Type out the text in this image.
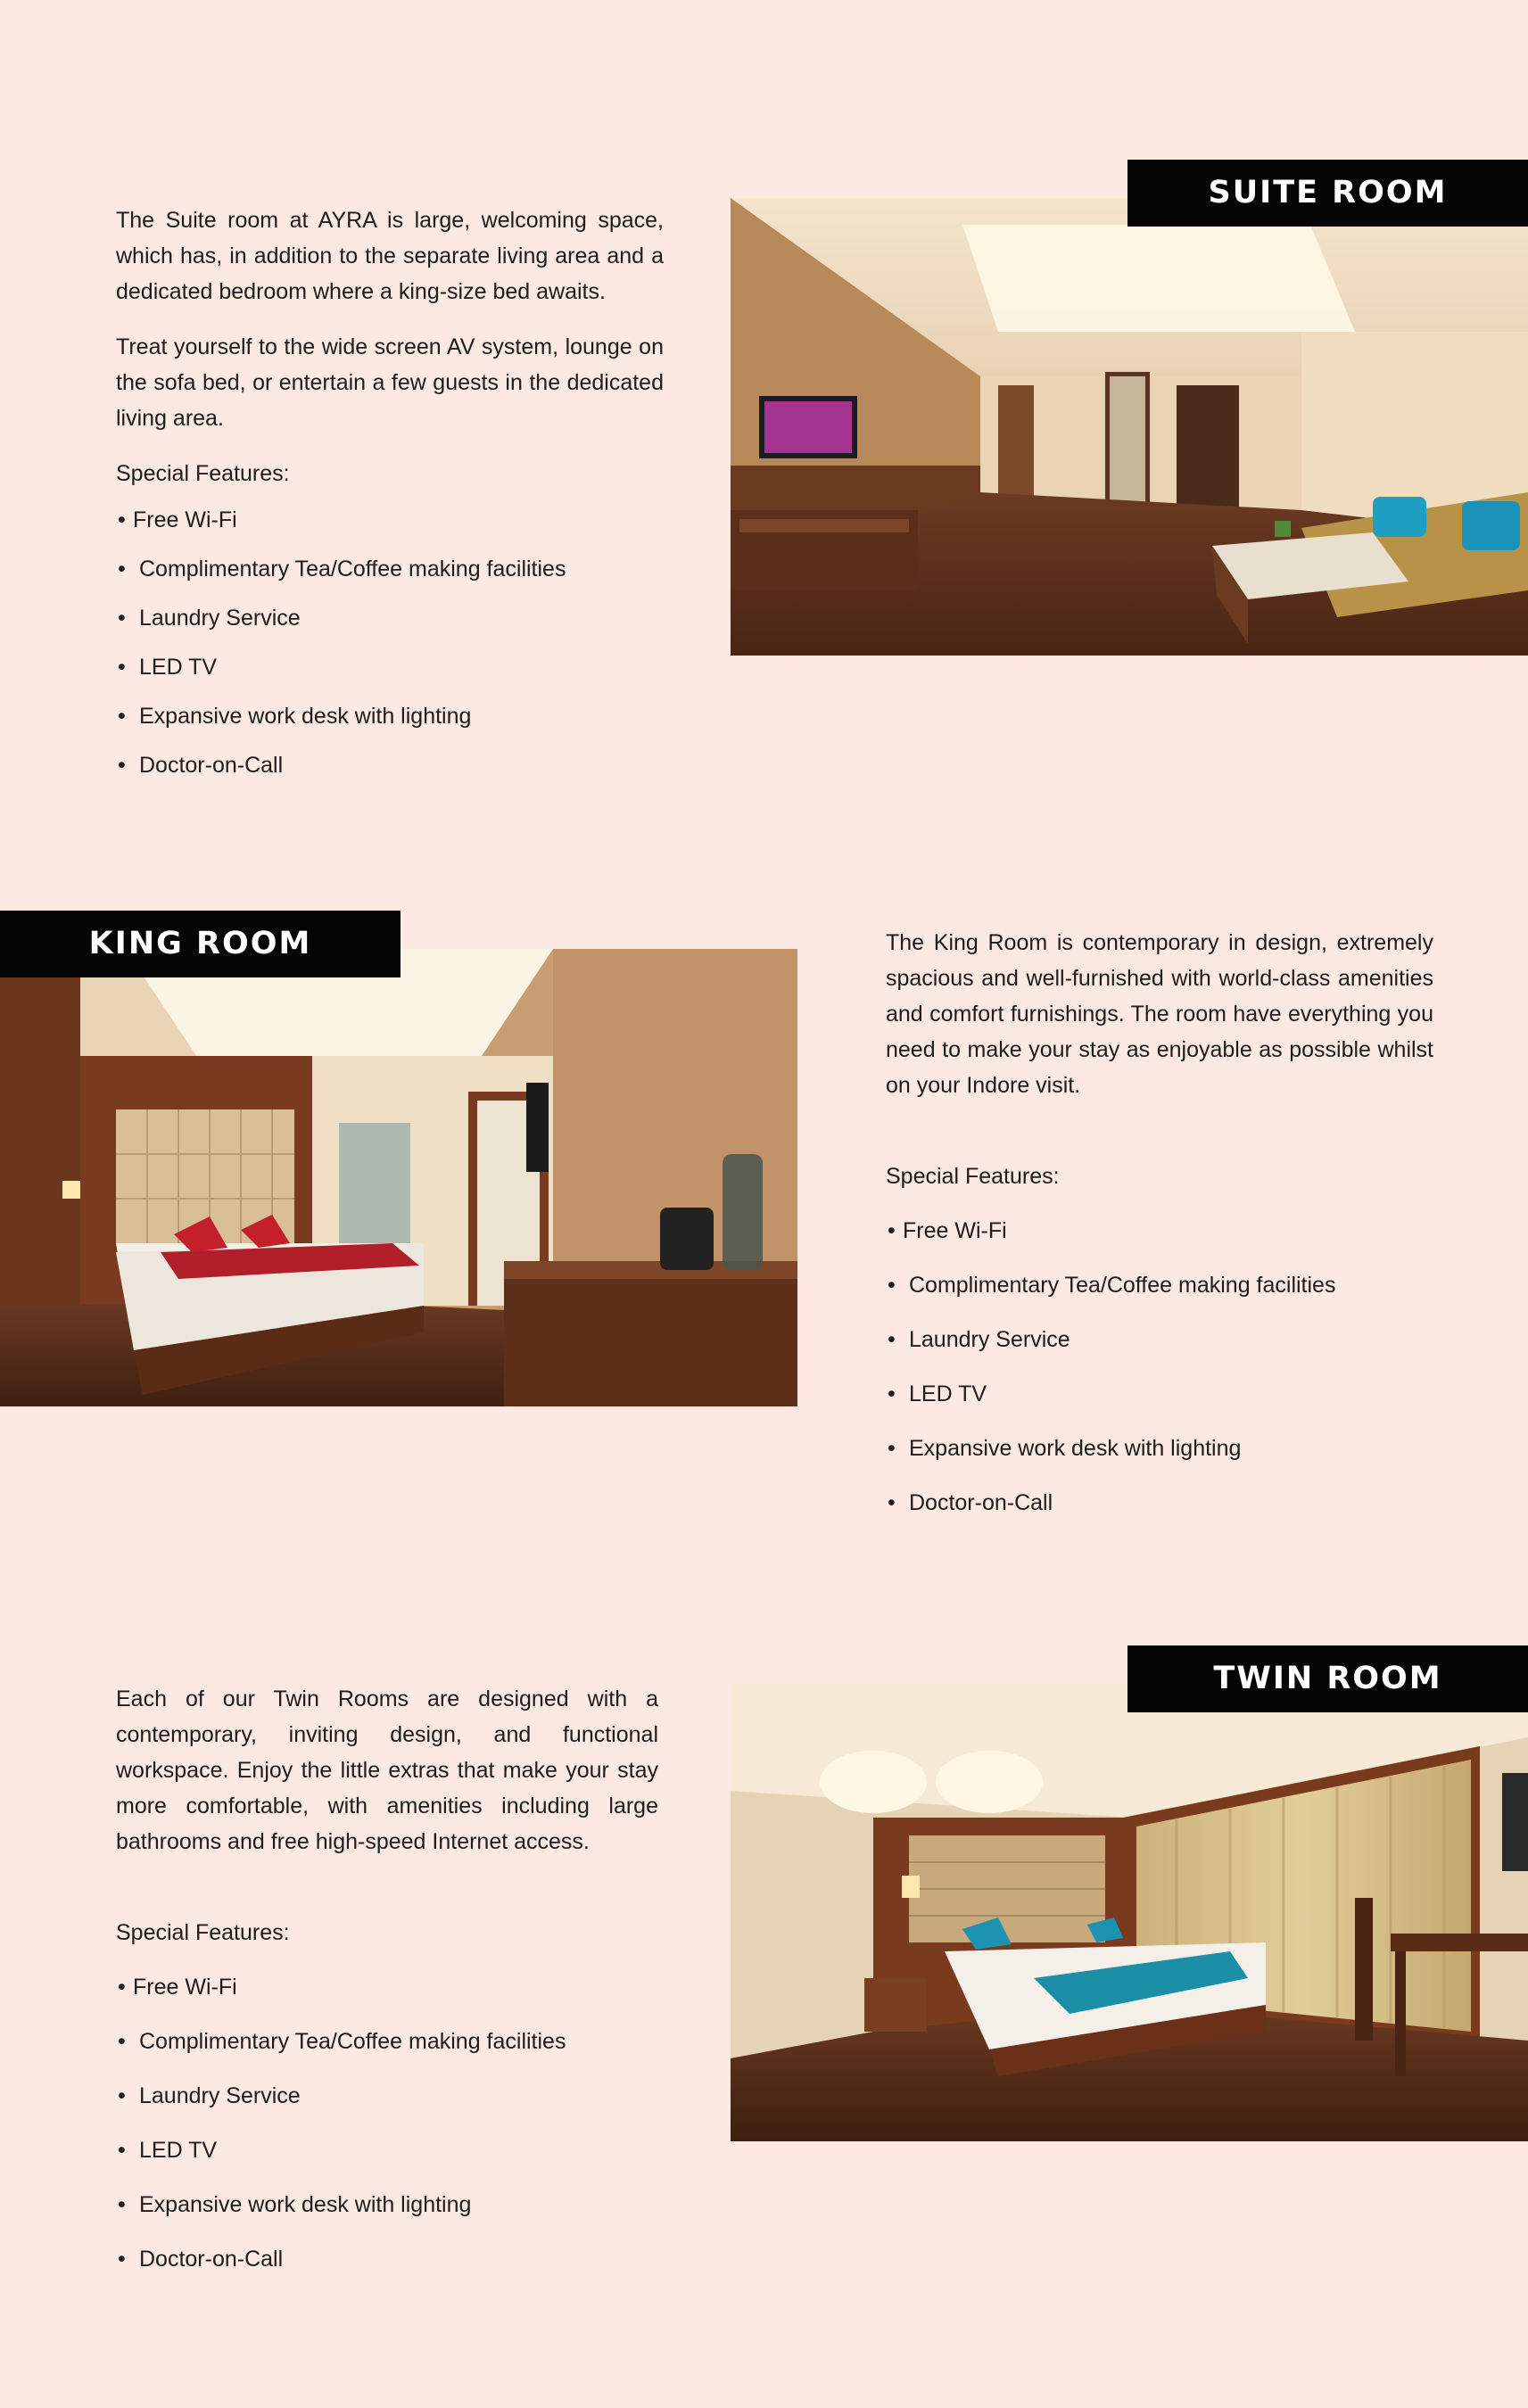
The Suite room at AYRA is large, welcoming space, which has, in addition to the separate living area and a dedicated bedroom where a king-size bed awaits.

Treat yourself to the wide screen AV system, lounge on the sofa bed, or entertain a few guests in the dedicated living area.

Special Features:

• Free Wi-Fi
• Complimentary Tea/Coffee making facilities
• Laundry Service
• LED TV
• Expansive work desk with lighting
• Doctor-on-Call
SUITE ROOM
KING ROOM	The King Room is contemporary in design, extremely spacious and well-furnished with world-class amenities and comfort furnishings. The room have everything you need to make your stay as enjoyable as possible whilst on your Indore visit.

Special Features:

• Free Wi-Fi
• Complimentary Tea/Coffee making facilities
• Laundry Service
• LED TV
• Expansive work desk with lighting
• Doctor-on-Call

Each of our Twin Rooms are designed with a contemporary, inviting design, and functional workspace. Enjoy the little extras that make your stay more comfortable, with amenities including large bathrooms and free high-speed Internet access.

Special Features:

• Free Wi-Fi
• Complimentary Tea/Coffee making facilities
• Laundry Service
• LED TV
• Expansive work desk with lighting
• Doctor-on-Call
TWIN ROOM
